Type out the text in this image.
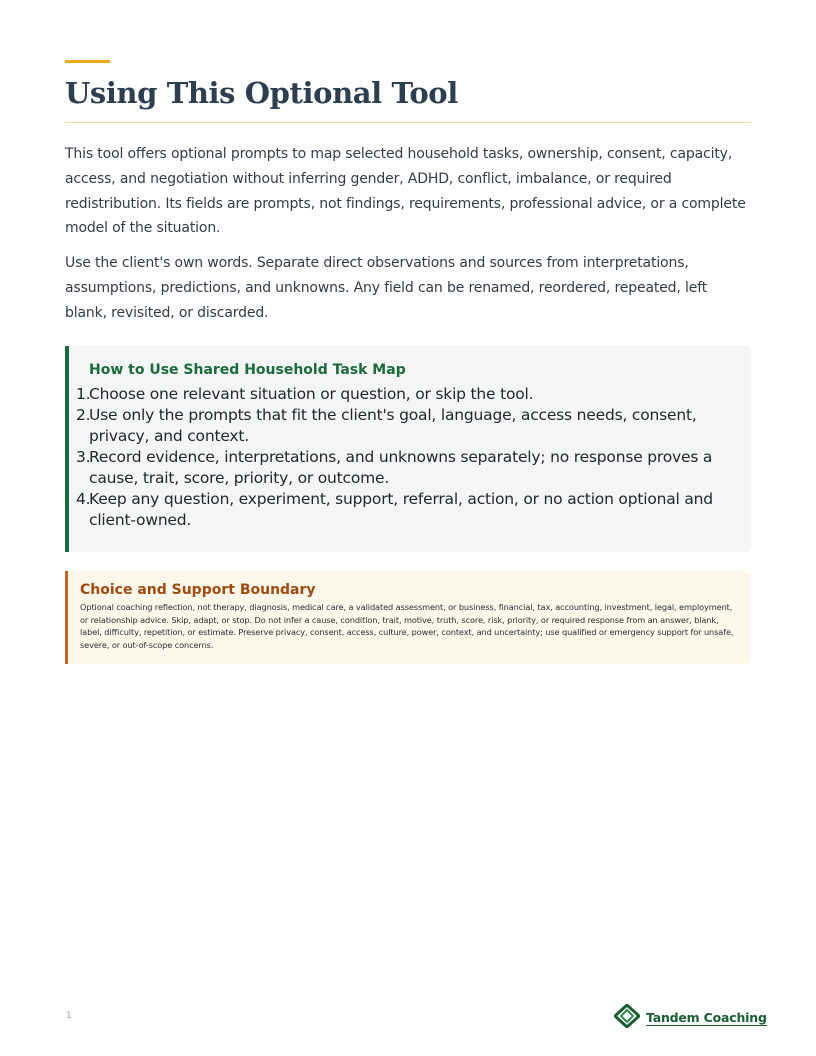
Using This Optional Tool

This tool offers optional prompts to map selected household tasks, ownership, consent, capacity, access, and negotiation without inferring gender, ADHD, conflict, imbalance, or required redistribution. Its fields are prompts, not findings, requirements, professional advice, or a complete model of the situation.

Use the client's own words. Separate direct observations and sources from interpretations, assumptions, predictions, and unknowns. Any field can be renamed, reordered, repeated, left blank, revisited, or discarded.

How to Use Shared Household Task Map
1.
Choose one relevant situation or question, or skip the tool.
2.
Use only the prompts that fit the client's goal, language, access needs, consent, privacy, and context.
3.
Record evidence, interpretations, and unknowns separately; no response proves a cause, trait, score, priority, or outcome.
4.
Keep any question, experiment, support, referral, action, or no action optional and client-owned.
Choice and Support Boundary

Optional coaching reflection, not therapy, diagnosis, medical care, a validated assessment, or business, financial, tax, accounting, investment, legal, employment, or relationship advice. Skip, adapt, or stop. Do not infer a cause, condition, trait, motive, truth, score, risk, priority, or required response from an answer, blank, label, difficulty, repetition, or estimate. Preserve privacy, consent, access, culture, power, context, and uncertainty; use qualified or emergency support for unsafe, severe, or out-of-scope concerns.

1	Tandem Coaching
